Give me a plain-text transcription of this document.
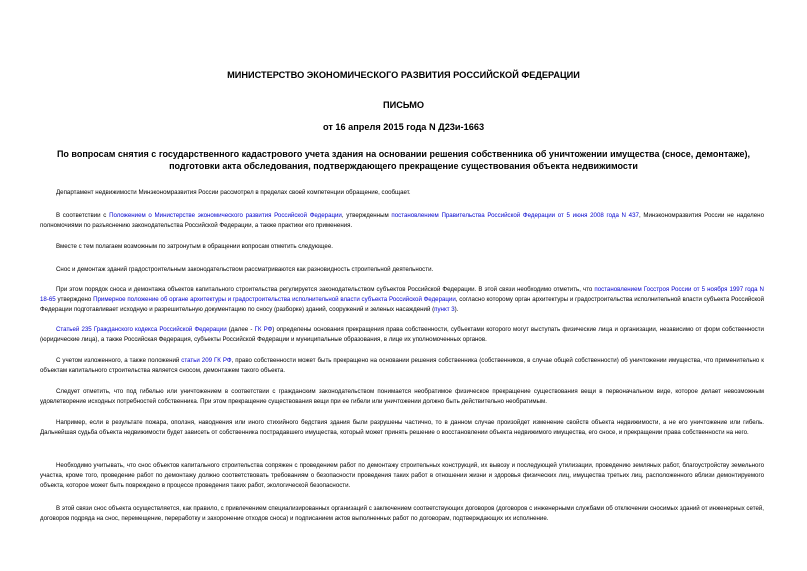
МИНИСТЕРСТВО ЭКОНОМИЧЕСКОГО РАЗВИТИЯ РОССИЙСКОЙ ФЕДЕРАЦИИ

ПИСЬМО

от 16 апреля 2015 года N Д23и-1663

По вопросам снятия с государственного кадастрового учета здания на основании решения собственника об уничтожении имущества (сносе, демонтаже),

подготовки акта обследования, подтверждающего прекращение существования объекта недвижимости

Департамент недвижимости Минэкономразвития России рассмотрел в пределах своей компетенции обращение, сообщает.

В соответствии с Положением о Министерстве экономического развития Российской Федерации, утвержденным постановлением Правительства Российской Федерации от 5 июня 2008 года N 437, Минэкономразвития России не наделено полномочиями по разъяснению законодательства Российской Федерации, а также практики его применения.

Вместе с тем полагаем возможным по затронутым в обращении вопросам отметить следующее.

Снос и демонтаж зданий градостроительным законодательством рассматриваются как разновидность строительной деятельности.

При этом порядок сноса и демонтажа объектов капитального строительства регулируется законодательством субъектов Российской Федерации. В этой связи необходимо отметить, что постановлением Госстроя России от 5 ноября 1997 года N 18-65 утверждено Примерное положение об органе архитектуры и градостроительства исполнительной власти субъекта Российской Федерации, согласно которому орган архитектуры и градостроительства исполнительной власти субъекта Российской Федерации подготавливает исходную и разрешительную документацию по сносу (разборке) зданий, сооружений и зеленых насаждений (пункт 3).

Статьей 235 Гражданского кодекса Российской Федерации (далее - ГК РФ) определены основания прекращения права собственности, субъектами которого могут выступать физические лица и организации, независимо от форм собственности (юридические лица), а также Российская Федерация, субъекты Российской Федерации и муниципальные образования, в лице их уполномоченных органов.

С учетом изложенного, а также положений статьи 209 ГК РФ, право собственности может быть прекращено на основании решения собственника (собственников, в случае общей собственности) об уничтожении имущества, что применительно к объектам капитального строительства является сносом, демонтажем такого объекта.

Следует отметить, что под гибелью или уничтожением в соответствии с гражданским законодательством понимается необратимое физическое прекращение существования вещи в первоначальном виде, которое делает невозможным удовлетворение исходных потребностей собственника. При этом прекращение существования вещи при ее гибели или уничтожении должно быть действительно необратимым.

Например, если в результате пожара, оползня, наводнения или иного стихийного бедствия здания были разрушены частично, то в данном случае произойдет изменение свойств объекта недвижимости, а не его уничтожение или гибель. Дальнейшая судьба объекта недвижимости будет зависеть от собственника пострадавшего имущества, который может принять решение о восстановлении объекта недвижимого имущества, его сносе, и прекращении права собственности на него.

Необходимо учитывать, что снос объектов капитального строительства сопряжен с проведением работ по демонтажу строительных конструкций, их вывозу и последующей утилизации, проведению земляных работ, благоустройству земельного участка, кроме того, проведение работ по демонтажу должно соответствовать требованиям о безопасности проведения таких работ в отношении жизни и здоровья физических лиц, имущества третьих лиц, расположенного вблизи демонтируемого объекта, которое может быть повреждено в процессе проведения таких работ, экологической безопасности.

В этой связи снос объекта осуществляется, как правило, с привлечением специализированных организаций с заключением соответствующих договоров (договоров с инженерными службами об отключении сносимых зданий от инженерных сетей, договоров подряда на снос, перемещение, переработку и захоронение отходов сноса) и подписанием актов выполненных работ по договорам, подтверждающих их исполнение.
